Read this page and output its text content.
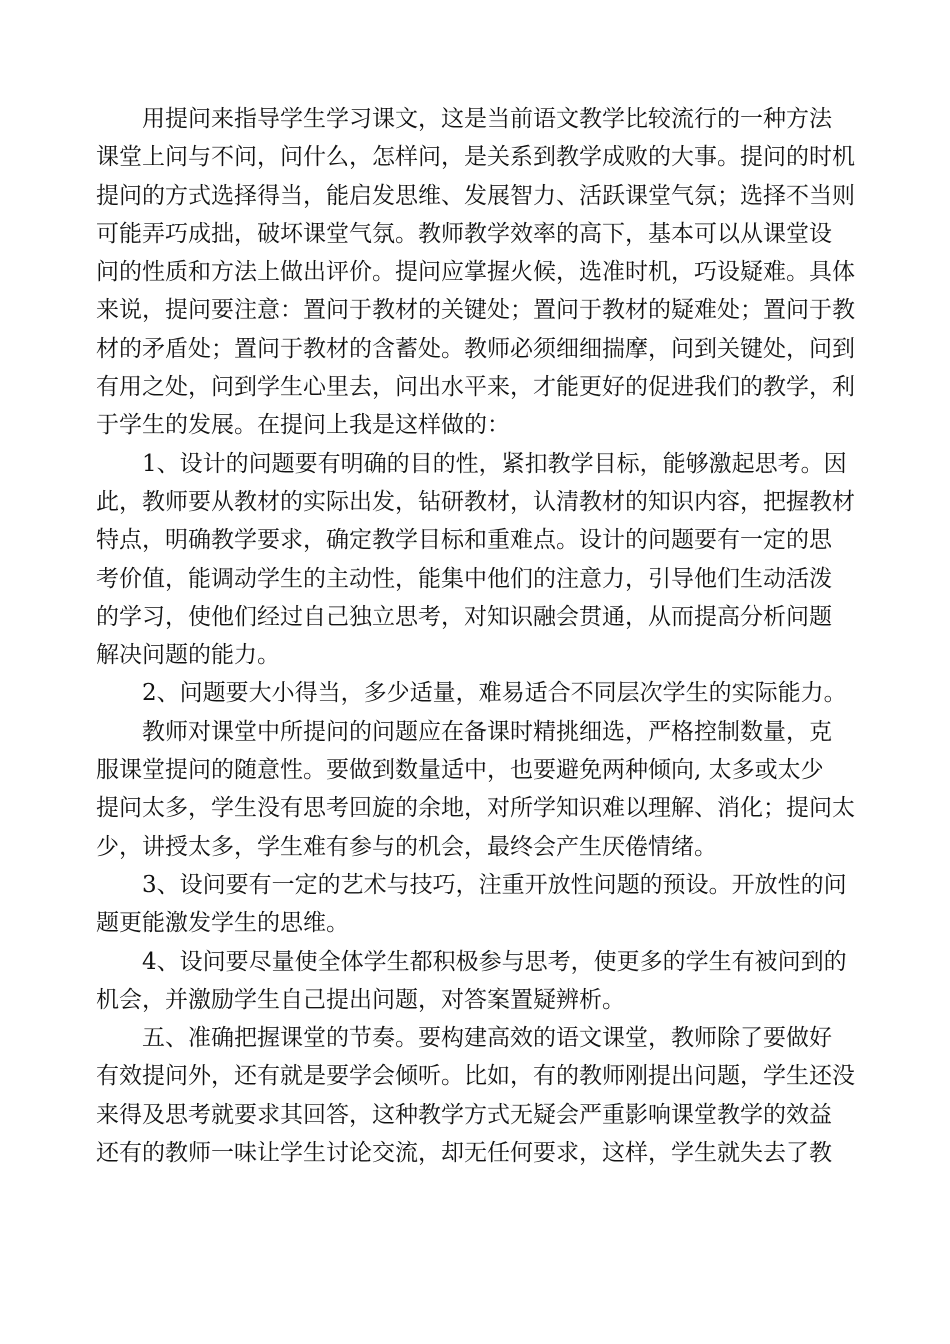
用提问来指导学生学习课文，这是当前语文教学比较流行的一种方法
课堂上问与不问，问什么，怎样问，是关系到教学成败的大事。提问的时机
提问的方式选择得当，能启发思维、发展智力、活跃课堂气氛；选择不当则
可能弄巧成拙，破坏课堂气氛。教师教学效率的高下，基本可以从课堂设
问的性质和方法上做出评价。提问应掌握火候，选准时机，巧设疑难。具体
来说，提问要注意：置问于教材的关键处；置问于教材的疑难处；置问于教
材的矛盾处；置问于教材的含蓄处。教师必须细细揣摩，问到关键处，问到
有用之处，问到学生心里去，问出水平来，才能更好的促进我们的教学，利
于学生的发展。在提问上我是这样做的：
1、设计的问题要有明确的目的性，紧扣教学目标，能够激起思考。因
此，教师要从教材的实际出发，钻研教材，认清教材的知识内容，把握教材
特点，明确教学要求，确定教学目标和重难点。设计的问题要有一定的思
考价值，能调动学生的主动性，能集中他们的注意力，引导他们生动活泼
的学习，使他们经过自己独立思考，对知识融会贯通，从而提高分析问题
解决问题的能力。
2、问题要大小得当，多少适量，难易适合不同层次学生的实际能力。
教师对课堂中所提问的问题应在备课时精挑细选，严格控制数量，克
服课堂提问的随意性。要做到数量适中，也要避免两种倾向, 太多或太少
提问太多，学生没有思考回旋的余地，对所学知识难以理解、消化；提问太
少，讲授太多，学生难有参与的机会，最终会产生厌倦情绪。
3、设问要有一定的艺术与技巧，注重开放性问题的预设。开放性的问
题更能激发学生的思维。
4、设问要尽量使全体学生都积极参与思考，使更多的学生有被问到的
机会，并激励学生自己提出问题，对答案置疑辨析。
五、准确把握课堂的节奏。要构建高效的语文课堂，教师除了要做好
有效提问外，还有就是要学会倾听。比如，有的教师刚提出问题，学生还没
来得及思考就要求其回答，这种教学方式无疑会严重影响课堂教学的效益
还有的教师一味让学生讨论交流，却无任何要求，这样，学生就失去了教
